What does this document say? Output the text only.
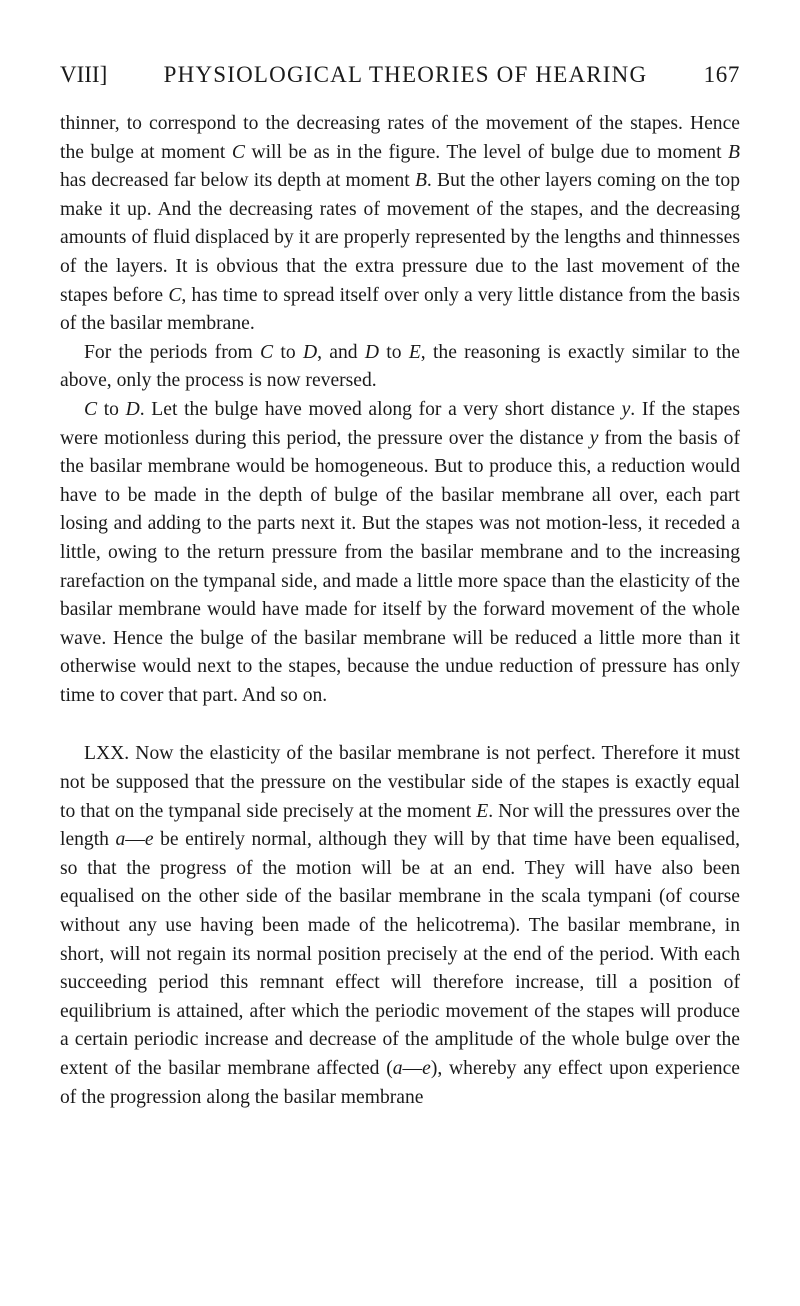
VIII] PHYSIOLOGICAL THEORIES OF HEARING 167

thinner, to correspond to the decreasing rates of the movement of the stapes. Hence the bulge at moment C will be as in the figure. The level of bulge due to moment B has decreased far below its depth at moment B. But the other layers coming on the top make it up. And the decreasing rates of movement of the stapes, and the decreasing amounts of fluid displaced by it are properly represented by the lengths and thinnesses of the layers. It is obvious that the extra pressure due to the last movement of the stapes before C, has time to spread itself over only a very little distance from the basis of the basilar membrane.

For the periods from C to D, and D to E, the reasoning is exactly similar to the above, only the process is now reversed.

C to D. Let the bulge have moved along for a very short distance y. If the stapes were motionless during this period, the pressure over the distance y from the basis of the basilar membrane would be homogeneous. But to produce this, a reduction would have to be made in the depth of bulge of the basilar membrane all over, each part losing and adding to the parts next it. But the stapes was not motion-less, it receded a little, owing to the return pressure from the basilar membrane and to the increasing rarefaction on the tympanal side, and made a little more space than the elasticity of the basilar membrane would have made for itself by the forward movement of the whole wave. Hence the bulge of the basilar membrane will be reduced a little more than it otherwise would next to the stapes, because the undue reduction of pressure has only time to cover that part. And so on.

LXX. Now the elasticity of the basilar membrane is not perfect. Therefore it must not be supposed that the pressure on the vestibular side of the stapes is exactly equal to that on the tympanal side precisely at the moment E. Nor will the pressures over the length a—e be entirely normal, although they will by that time have been equalised, so that the progress of the motion will be at an end. They will have also been equalised on the other side of the basilar membrane in the scala tympani (of course without any use having been made of the helicotrema). The basilar membrane, in short, will not regain its normal position precisely at the end of the period. With each succeeding period this remnant effect will therefore increase, till a position of equilibrium is attained, after which the periodic movement of the stapes will produce a certain periodic increase and decrease of the amplitude of the whole bulge over the extent of the basilar membrane affected (a—e), whereby any effect upon experience of the progression along the basilar membrane
